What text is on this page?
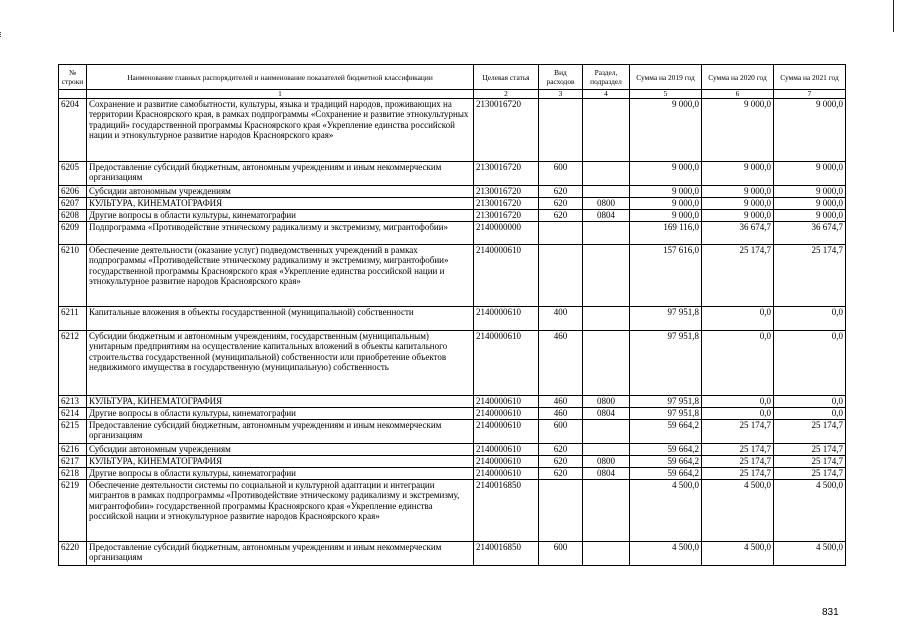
№ строки	Наименование главных распорядителей и наименование показателей бюджетной классификации	Целевая статья	Вид расходов	Раздел, подраздел	Сумма на 2019 год	Сумма на 2020 год	Сумма на 2021 год
	1	2	3	4	5	6	7
6204	Сохранение и развитие самобытности, культуры, языка и традиций народов, проживающих на территории Красноярского края, в рамках подпрограммы «Сохранение и развитие этнокультурных традиций» государственной программы Красноярского края «Укрепление единства российской нации и этнокультурное развитие народов Красноярского края»	2130016720			9 000,0	9 000,0	9 000,0
6205	Предоставление субсидий бюджетным, автономным учреждениям и иным некоммерческим организациям	2130016720	600		9 000,0	9 000,0	9 000,0
6206	Субсидии автономным учреждениям	2130016720	620		9 000,0	9 000,0	9 000,0
6207	КУЛЬТУРА, КИНЕМАТОГРАФИЯ	2130016720	620	0800	9 000,0	9 000,0	9 000,0
6208	Другие вопросы в области культуры, кинематографии	2130016720	620	0804	9 000,0	9 000,0	9 000,0
6209	Подпрограмма «Противодействие этническому радикализму и экстремизму, мигрантофобии»	2140000000			169 116,0	36 674,7	36 674,7
6210	Обеспечение деятельности (оказание услуг) подведомственных учреждений в рамках подпрограммы «Противодействие этническому радикализму и экстремизму, мигрантофобии» государственной программы Красноярского края «Укрепление единства российской нации и этнокультурное развитие народов Красноярского края»	2140000610			157 616,0	25 174,7	25 174,7
6211	Капитальные вложения в объекты государственной (муниципальной) собственности	2140000610	400		97 951,8	0,0	0,0
6212	Субсидии бюджетным и автономным учреждениям, государственным (муниципальным) унитарным предприятиям на осуществление капитальных вложений в объекты капитального строительства государственной (муниципальной) собственности или приобретение объектов недвижимого имущества в государственную (муниципальную) собственность	2140000610	460		97 951,8	0,0	0,0
6213	КУЛЬТУРА, КИНЕМАТОГРАФИЯ	2140000610	460	0800	97 951,8	0,0	0,0
6214	Другие вопросы в области культуры, кинематографии	2140000610	460	0804	97 951,8	0,0	0,0
6215	Предоставление субсидий бюджетным, автономным учреждениям и иным некоммерческим организациям	2140000610	600		59 664,2	25 174,7	25 174,7
6216	Субсидии автономным учреждениям	2140000610	620		59 664,2	25 174,7	25 174,7
6217	КУЛЬТУРА, КИНЕМАТОГРАФИЯ	2140000610	620	0800	59 664,2	25 174,7	25 174,7
6218	Другие вопросы в области культуры, кинематографии	2140000610	620	0804	59 664,2	25 174,7	25 174,7
6219	Обеспечение деятельности системы по социальной и культурной адаптации и интеграции мигрантов в рамках подпрограммы «Противодействие этническому радикализму и экстремизму, мигрантофобии» государственной программы Красноярского края «Укрепление единства российской нации и этнокультурное развитие народов Красноярского края»	2140016850			4 500,0	4 500,0	4 500,0
6220	Предоставление субсидий бюджетным, автономным учреждениям и иным некоммерческим организациям	2140016850	600		4 500,0	4 500,0	4 500,0
831
